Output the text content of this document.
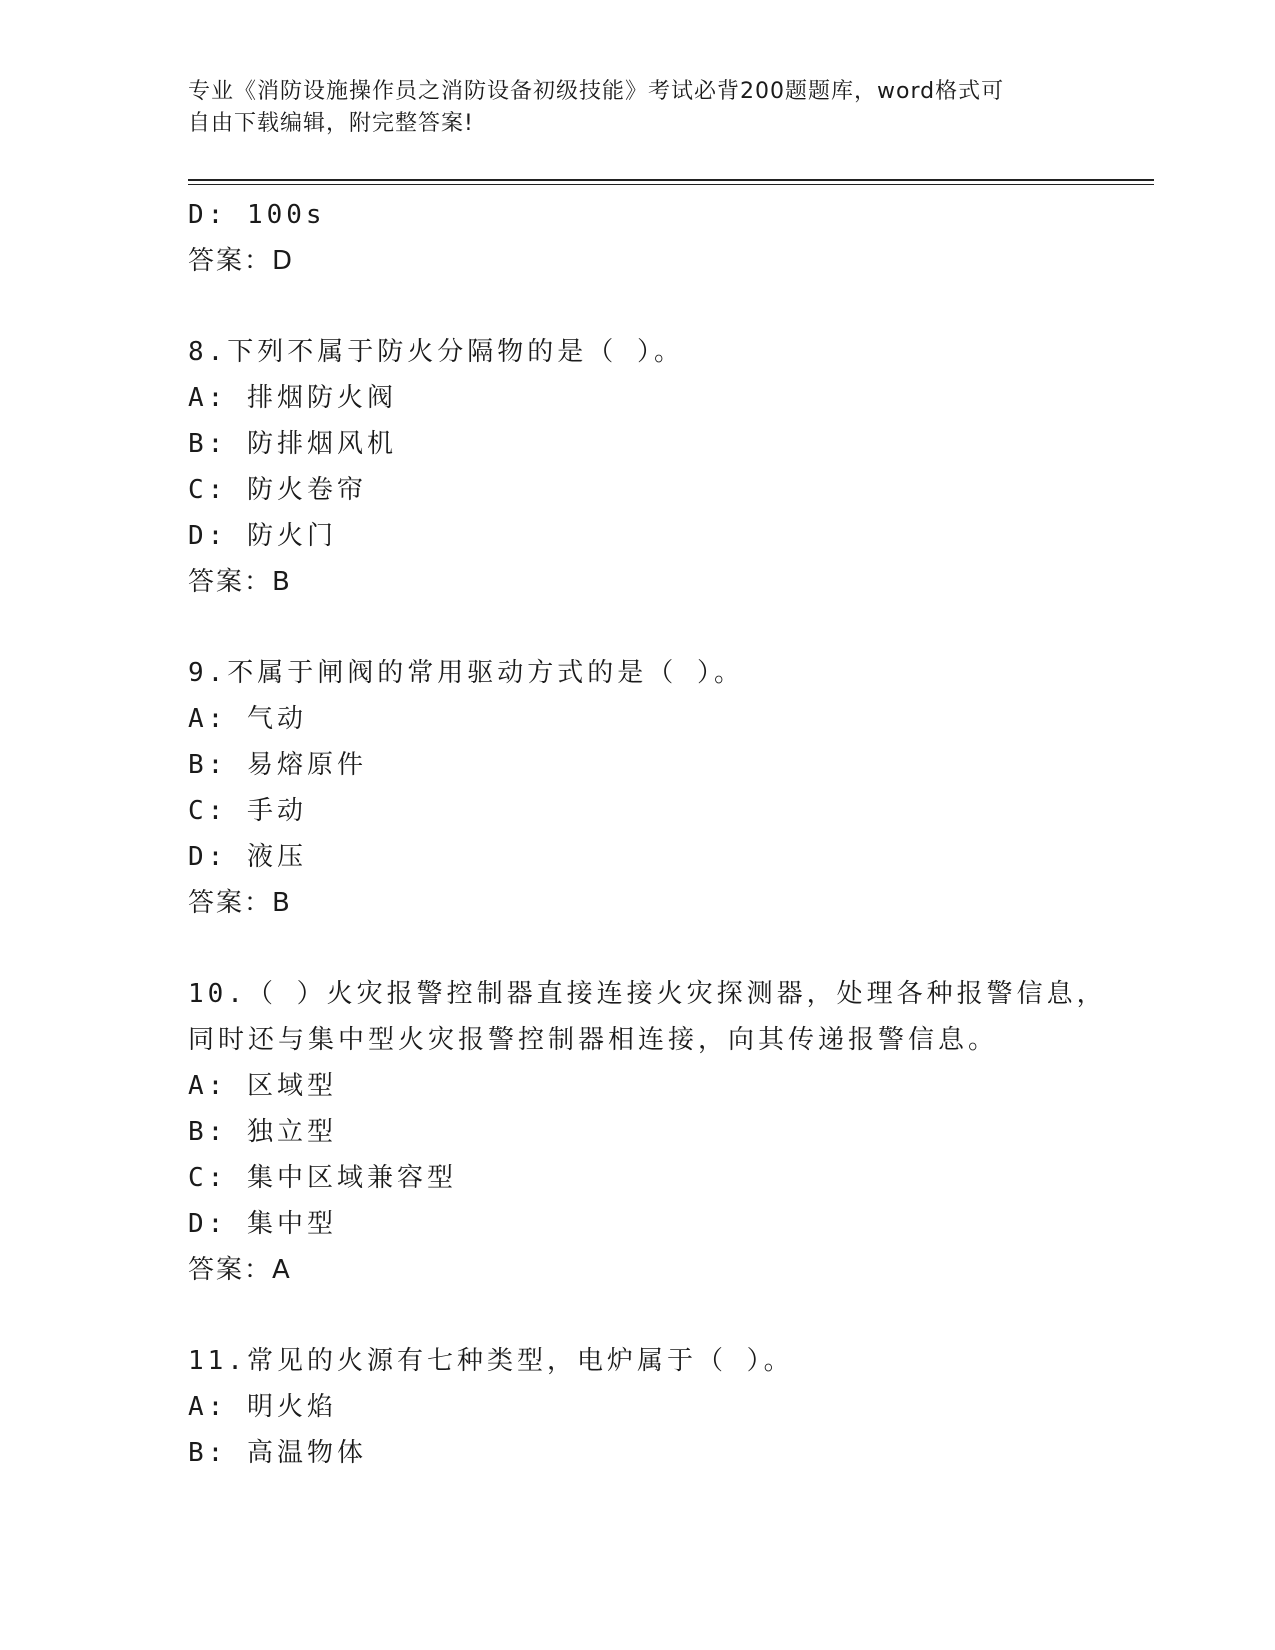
专业《消防设施操作员之消防设备初级技能》考试必背200题题库，word格式可
自由下载编辑，附完整答案!
D: 100s
答案：D
8.下列不属于防火分隔物的是（ ）。
A: 排烟防火阀
B: 防排烟风机
C: 防火卷帘
D: 防火门
答案：B
9.不属于闸阀的常用驱动方式的是（ ）。
A: 气动
B: 易熔原件
C: 手动
D: 液压
答案：B
10.（ ）火灾报警控制器直接连接火灾探测器，处理各种报警信息，
同时还与集中型火灾报警控制器相连接，向其传递报警信息。
A: 区域型
B: 独立型
C: 集中区域兼容型
D: 集中型
答案：A
11.常见的火源有七种类型，电炉属于（ ）。
A: 明火焰
B: 高温物体
